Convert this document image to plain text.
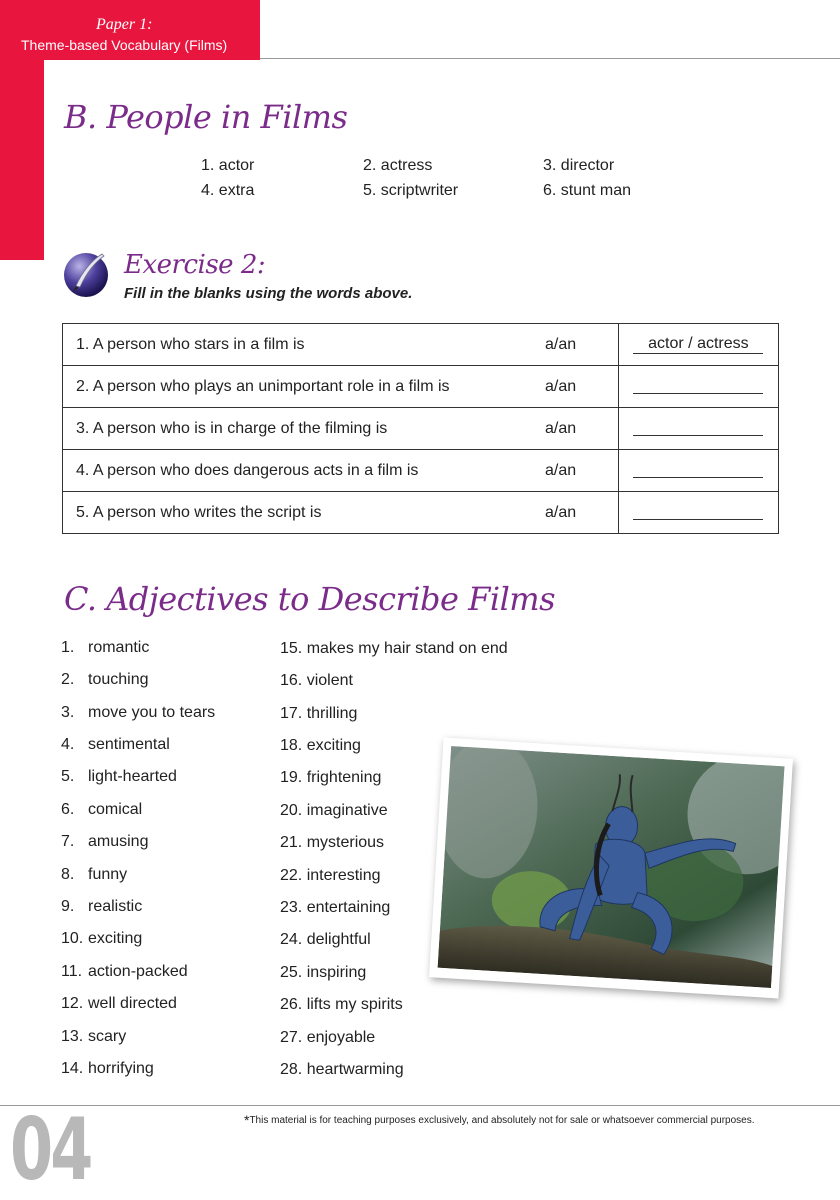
Paper 1:
Theme-based Vocabulary (Films)
B. People in Films
1. actor	2. actress	3. director
4. extra	5. scriptwriter	6. stunt man
Exercise 2:
Fill in the blanks using the words above.
1. A person who stars in a film is	a/an	actor / actress
2. A person who plays an unimportant role in a film is	a/an	
3. A person who is in charge of the filming is	a/an	
4. A person who does dangerous acts in a film is	a/an	
5. A person who writes the script is	a/an	
C. Adjectives to Describe Films
1. romantic
2. touching
3. move you to tears
4. sentimental
5. light-hearted
6. comical
7. amusing
8. funny
9. realistic
10. exciting
11. action-packed
12. well directed
13. scary
14. horrifying
15. makes my hair stand on end
16. violent
17. thrilling
18. exciting
19. frightening
20. imaginative
21. mysterious
22. interesting
23. entertaining
24. delightful
25. inspiring
26. lifts my spirits
27. enjoyable
28. heartwarming
04	*This material is for teaching purposes exclusively, and absolutely not for sale or whatsoever commercial purposes.
